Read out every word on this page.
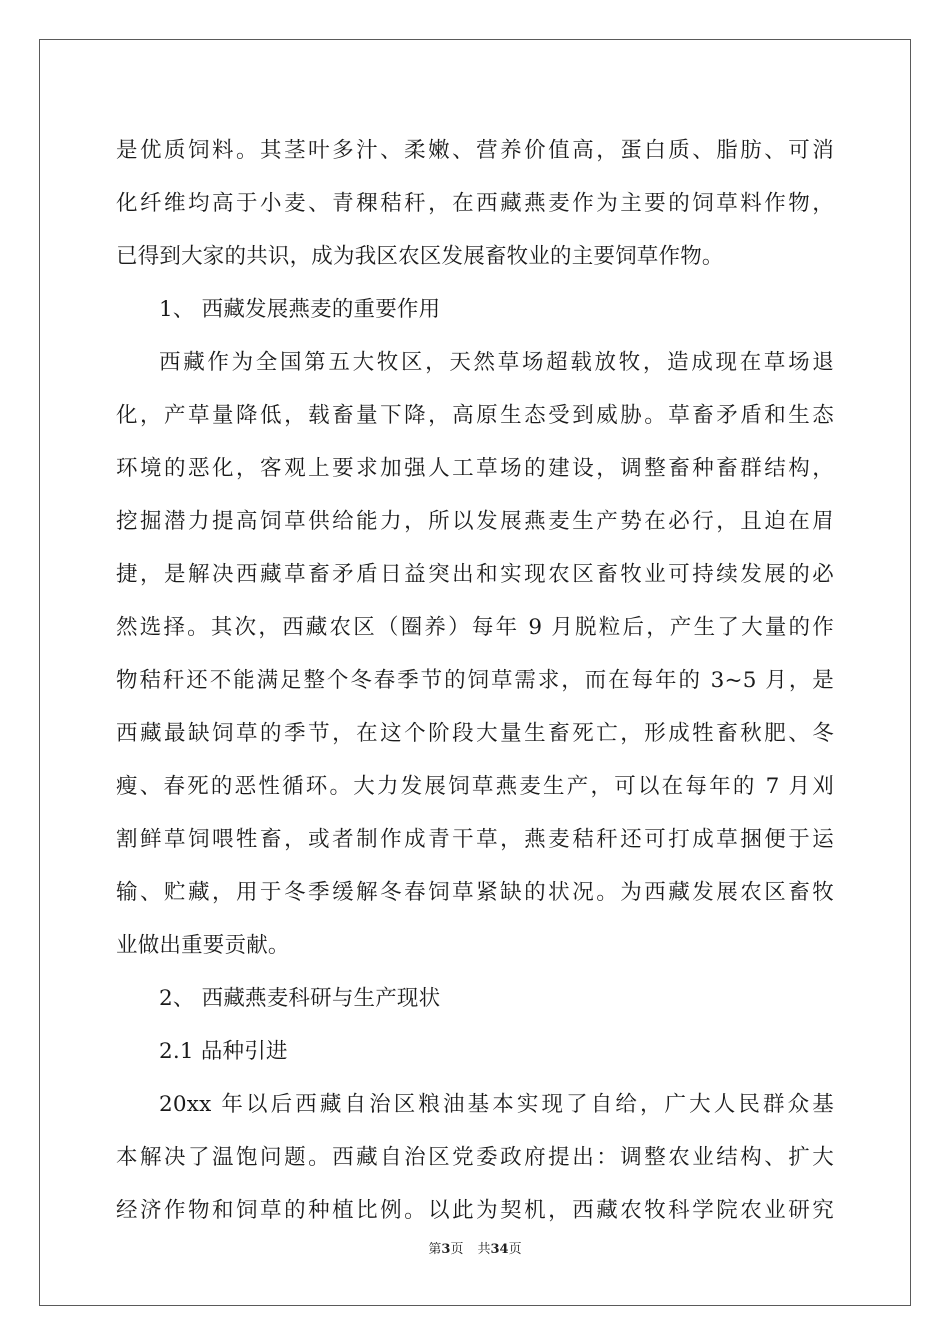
是优质饲料。其茎叶多汁、柔嫩、营养价值高，蛋白质、脂肪、可消
化纤维均高于小麦、青稞秸秆，在西藏燕麦作为主要的饲草料作物，
已得到大家的共识，成为我区农区发展畜牧业的主要饲草作物。
1、 西藏发展燕麦的重要作用
西藏作为全国第五大牧区，天然草场超载放牧，造成现在草场退
化，产草量降低，载畜量下降，高原生态受到威胁。草畜矛盾和生态
环境的恶化，客观上要求加强人工草场的建设，调整畜种畜群结构，
挖掘潜力提高饲草供给能力，所以发展燕麦生产势在必行，且迫在眉
捷，是解决西藏草畜矛盾日益突出和实现农区畜牧业可持续发展的必
然选择。其次，西藏农区（圈养）每年 9 月脱粒后，产生了大量的作
物秸秆还不能满足整个冬春季节的饲草需求，而在每年的 3~5 月，是
西藏最缺饲草的季节，在这个阶段大量生畜死亡，形成牲畜秋肥、冬
瘦、春死的恶性循环。大力发展饲草燕麦生产，可以在每年的 7 月刈
割鲜草饲喂牲畜，或者制作成青干草，燕麦秸秆还可打成草捆便于运
输、贮藏，用于冬季缓解冬春饲草紧缺的状况。为西藏发展农区畜牧
业做出重要贡献。
2、 西藏燕麦科研与生产现状
2.1 品种引进
20xx 年以后西藏自治区粮油基本实现了自给，广大人民群众基
本解决了温饱问题。西藏自治区党委政府提出：调整农业结构、扩大
经济作物和饲草的种植比例。以此为契机，西藏农牧科学院农业研究
第3页 共34页
